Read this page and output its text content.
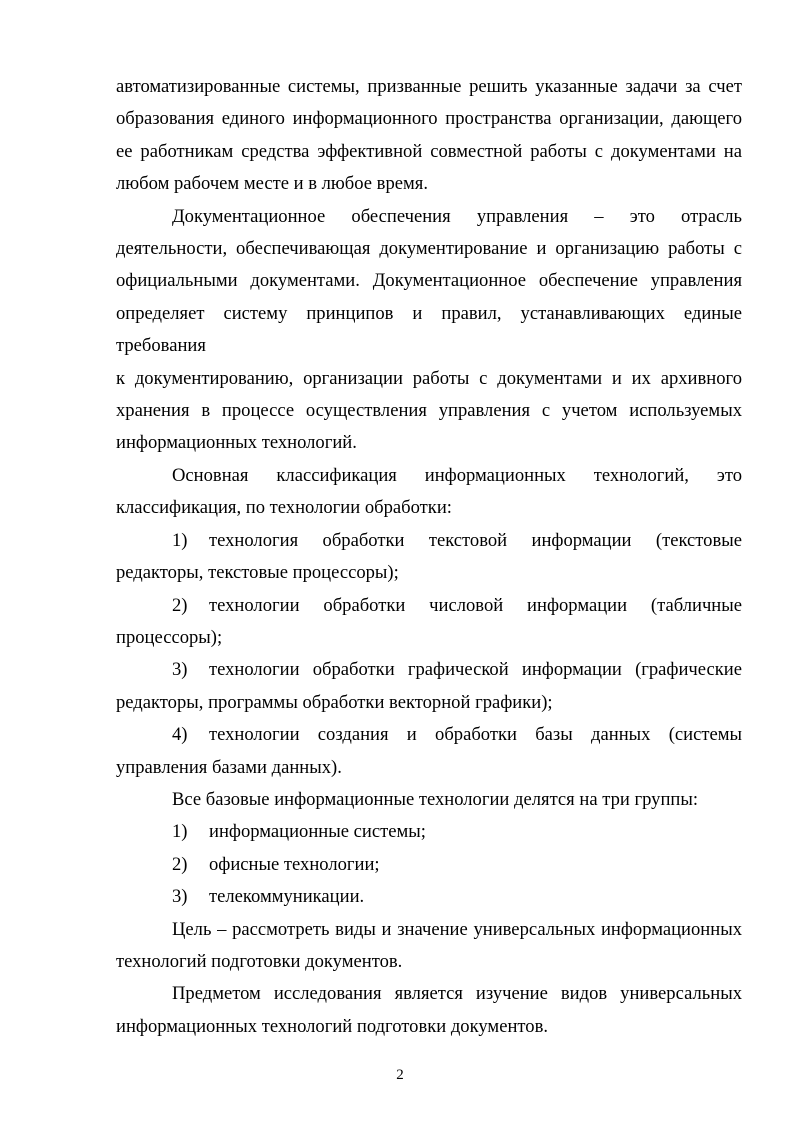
автоматизированные системы, призванные решить указанные задачи за счет образования единого информационного пространства организации, дающего ее работникам средства эффективной совместной работы с документами на любом рабочем месте и в любое время.

Документационное обеспечения управления – это отрасль деятельности, обеспечивающая документирование и организацию работы с официальными документами. Документационное обеспечение управления определяет систему принципов и правил, устанавливающих единые требования

к документированию, организации работы с документами и их архивного хранения в процессе осуществления управления с учетом используемых информационных технологий.

Основная классификация информационных технологий, это классификация, по технологии обработки:

1) технология обработки текстовой информации (текстовые редакторы, текстовые процессоры);

2) технологии обработки числовой информации (табличные процессоры);

3) технологии обработки графической информации (графические редакторы, программы обработки векторной графики);

4) технологии создания и обработки базы данных (системы управления базами данных).

Все базовые информационные технологии делятся на три группы:

1) информационные системы;

2) офисные технологии;

3) телекоммуникации.

Цель – рассмотреть виды и значение универсальных информационных технологий подготовки документов.

Предметом исследования является изучение видов универсальных информационных технологий подготовки документов.

2
